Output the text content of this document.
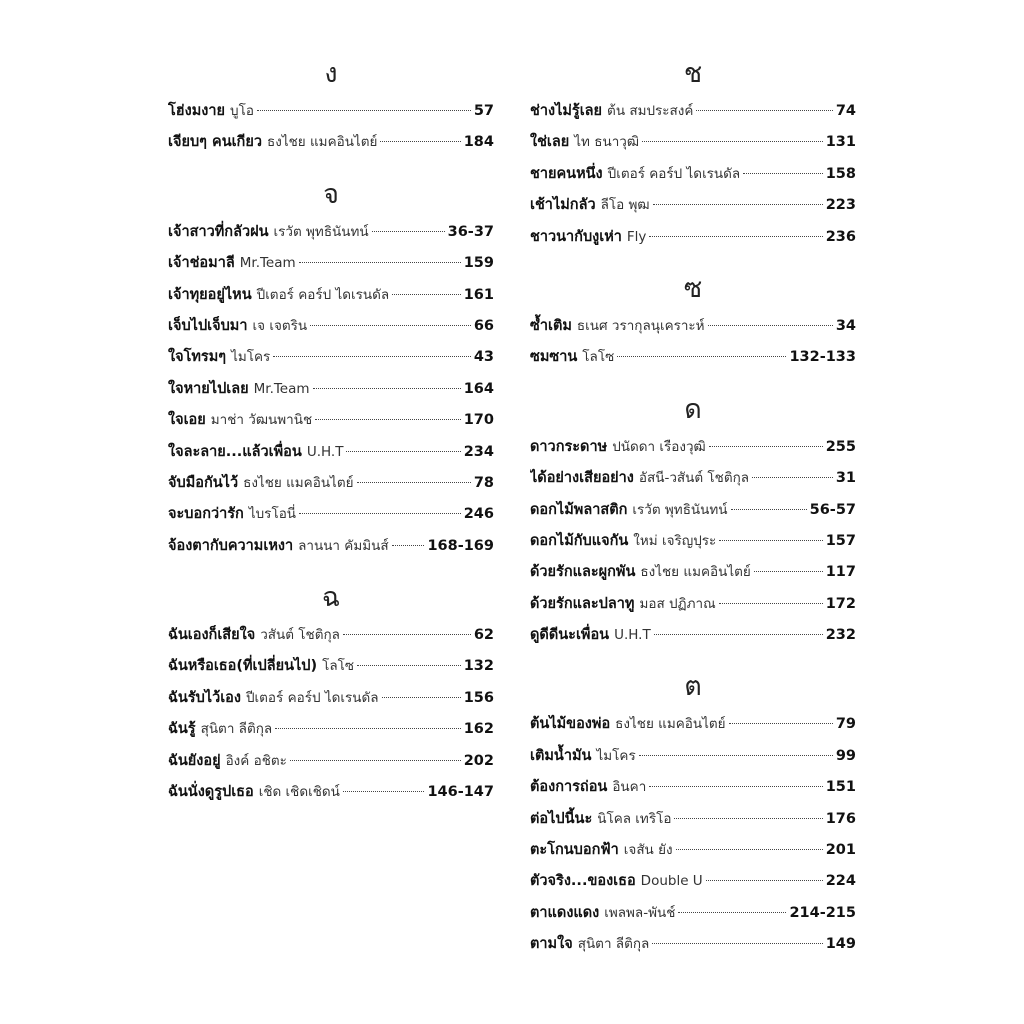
ง
โฮ่งมงาย บูโอ	57
เจียบๆ คนเกียว ธงไชย แมคอินไตย์	184
จ
เจ้าสาวที่กลัวฝน เรวัต พุทธินันทน์	36-37
เจ้าช่อมาลี Mr.Team	159
เจ้าทุยอยู่ไหน ปีเตอร์ คอร์ป ไดเรนดัล	161
เจ็บไปเจ็บมา เจ เจตริน	66
ใจโทรมๆ ไมโคร	43
ใจหายไปเลย Mr.Team	164
ใจเอย มาช่า วัฒนพานิช	170
ใจละลาย...แล้วเพื่อน U.H.T	234
จับมือกันไว้ ธงไชย แมคอินไตย์	78
จะบอกว่ารัก ไบรโอนี่	246
จ้องตากับความเหงา ลานนา คัมมินส์	168-169
ฉ
ฉันเองก็เสียใจ วสันต์ โชติกุล	62
ฉันหรือเธอ(ที่เปลี่ยนไป) โลโซ	132
ฉันรับไว้เอง ปีเตอร์ คอร์ป ไดเรนดัล	156
ฉันรู้ สุนิตา ลีติกุล	162
ฉันยังอยู่ อิงค์ อชิตะ	202
ฉันนั่งดูรูปเธอ เชิด เชิดเชิดน์	146-147
ช
ช่างไม่รู้เลย ต้น สมประสงค์	74
ใช่เลย ไท ธนาวุฒิ	131
ชายคนหนึ่ง ปีเตอร์ คอร์ป ไดเรนดัล	158
เช้าไม่กลัว ลีโอ พุฒ	223
ชาวนากับงูเห่า Fly	236
ซ
ซ้ำเติม ธเนศ วรากุลนุเคราะห์	34
ซมซาน โลโซ	132-133
ด
ดาวกระดาษ ปนัดดา เรืองวุฒิ	255
ได้อย่างเสียอย่าง อัสนี-วสันต์ โชติกุล	31
ดอกไม้พลาสติก เรวัต พุทธินันทน์	56-57
ดอกไม้กับแจกัน ใหม่ เจริญปุระ	157
ด้วยรักและผูกพัน ธงไชย แมคอินไตย์	117
ด้วยรักและปลาทู มอส ปฏิภาณ	172
ดูดีดีนะเพื่อน U.H.T	232
ต
ต้นไม้ของพ่อ ธงไชย แมคอินไตย์	79
เติมน้ำมัน ไมโคร	99
ต้องการถ่อน อินคา	151
ต่อไปนี้นะ นิโคล เทริโอ	176
ตะโกนบอกฟ้า เจสัน ยัง	201
ตัวจริง...ของเธอ Double U	224
ตาแดงแดง เพลพล-พันช์	214-215
ตามใจ สุนิตา ลีติกุล	149
